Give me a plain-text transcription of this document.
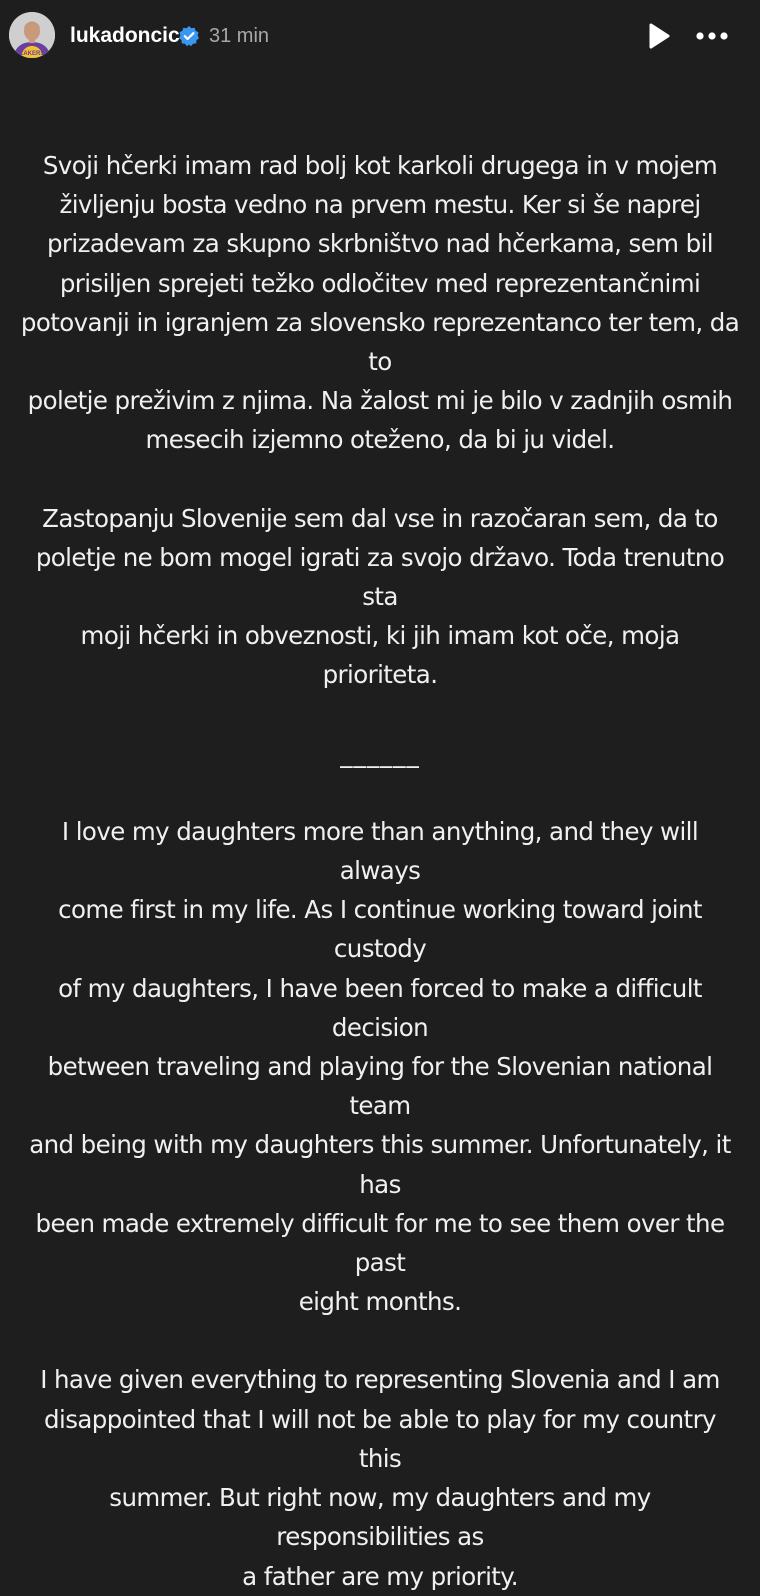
LAKERS
lukadoncic 31 min

Svoji hčerki imam rad bolj kot karkoli drugega in v mojem

življenju bosta vedno na prvem mestu. Ker si še naprej

prizadevam za skupno skrbništvo nad hčerkama, sem bil

prisiljen sprejeti težko odločitev med reprezentančnimi

potovanji in igranjem za slovensko reprezentanco ter tem, da to

poletje preživim z njima. Na žalost mi je bilo v zadnjih osmih

mesecih izjemno oteženo, da bi ju videl.

Zastopanju Slovenije sem dal vse in razočaran sem, da to

poletje ne bom mogel igrati za svojo državo. Toda trenutno sta

moji hčerki in obveznosti, ki jih imam kot oče, moja prioriteta.

______

I love my daughters more than anything, and they will always

come first in my life. As I continue working toward joint custody

of my daughters, I have been forced to make a difficult decision

between traveling and playing for the Slovenian national team

and being with my daughters this summer. Unfortunately, it has

been made extremely difficult for me to see them over the past

eight months.

I have given everything to representing Slovenia and I am

disappointed that I will not be able to play for my country this

summer. But right now, my daughters and my responsibilities as

a father are my priority.
